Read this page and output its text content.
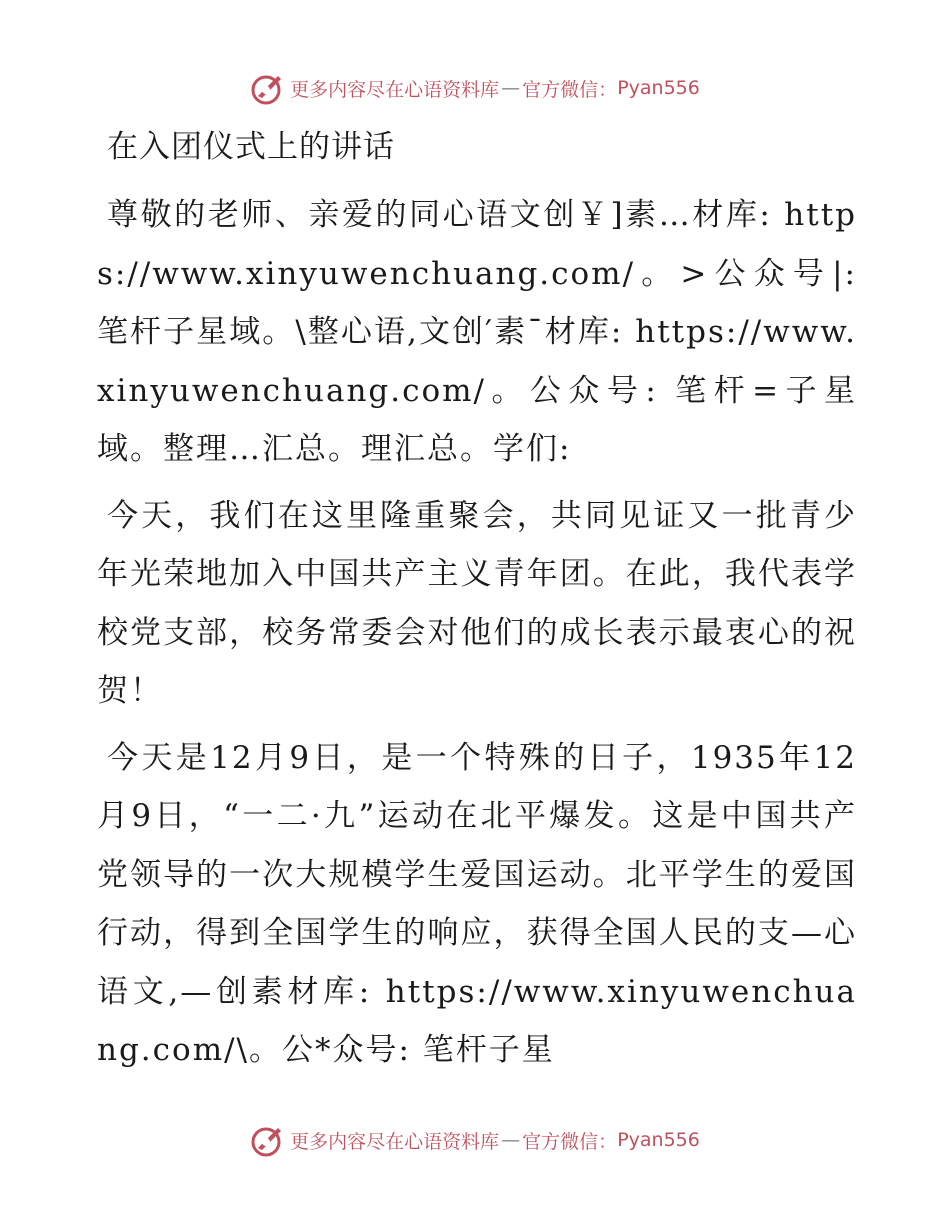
更多内容尽在心语资料库 — 官方微信： Pyan556
在入团仪式上的讲话

尊敬的老师、亲爱的同心语文创￥]素…材库: https://www.xinyuwenchuang.com/。>公众号|: 笔杆子星域。\整心语,文创′素¯材库: https://www.xinyuwenchuang.com/。公众号: 笔杆=子星域。整理…汇总。理汇总。学们:

今天，我们在这里隆重聚会，共同见证又一批青少年光荣地加入中国共产主义青年团。在此，我代表学校党支部，校务常委会对他们的成长表示最衷心的祝贺！

今天是12月9日，是一个特殊的日子，1935年12月9日，“一二·九”运动在北平爆发。这是中国共产党领导的一次大规模学生爱国运动。北平学生的爱国行动，得到全国学生的响应，获得全国人民的支—心语文,—创素材库: https://www.xinyuwenchuang.com/\。公*众号: 笔杆子星

更多内容尽在心语资料库 — 官方微信： Pyan556
